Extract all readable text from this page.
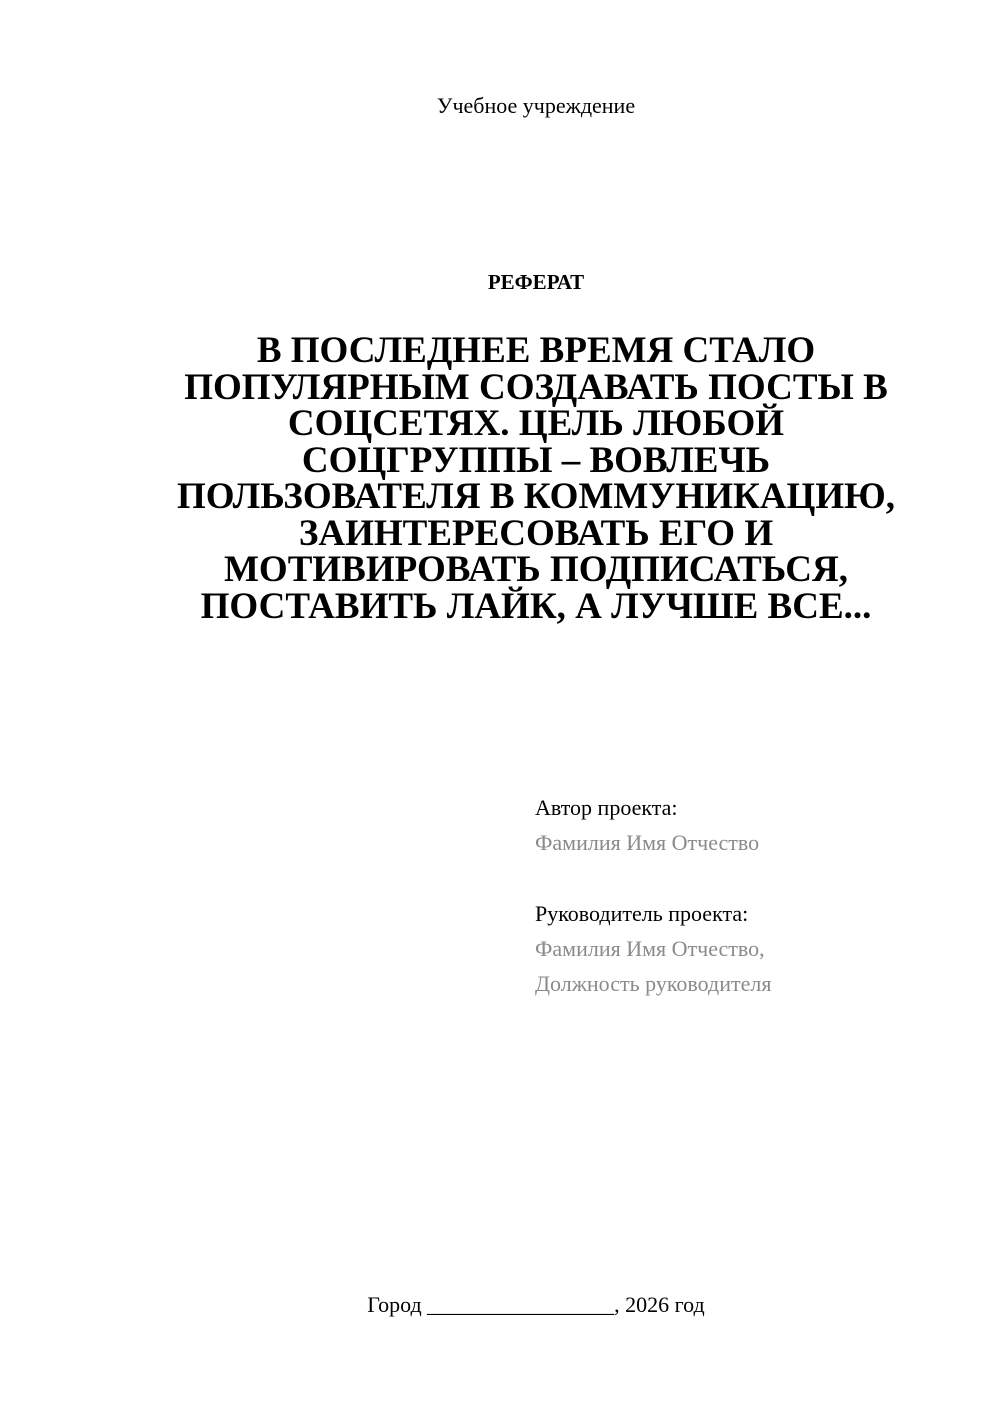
Учебное учреждение
РЕФЕРАТ
В ПОСЛЕДНЕЕ ВРЕМЯ СТАЛО
ПОПУЛЯРНЫМ СОЗДАВАТЬ ПОСТЫ В
СОЦСЕТЯХ. ЦЕЛЬ ЛЮБОЙ
СОЦГРУППЫ – ВОВЛЕЧЬ
ПОЛЬЗОВАТЕЛЯ В КОММУНИКАЦИЮ,
ЗАИНТЕРЕСОВАТЬ ЕГО И
МОТИВИРОВАТЬ ПОДПИСАТЬСЯ,
ПОСТАВИТЬ ЛАЙК, А ЛУЧШЕ ВСЕ...
Автор проекта:
Фамилия Имя Отчество
Руководитель проекта:
Фамилия Имя Отчество,
Должность руководителя
Город _________________, 2026 год
